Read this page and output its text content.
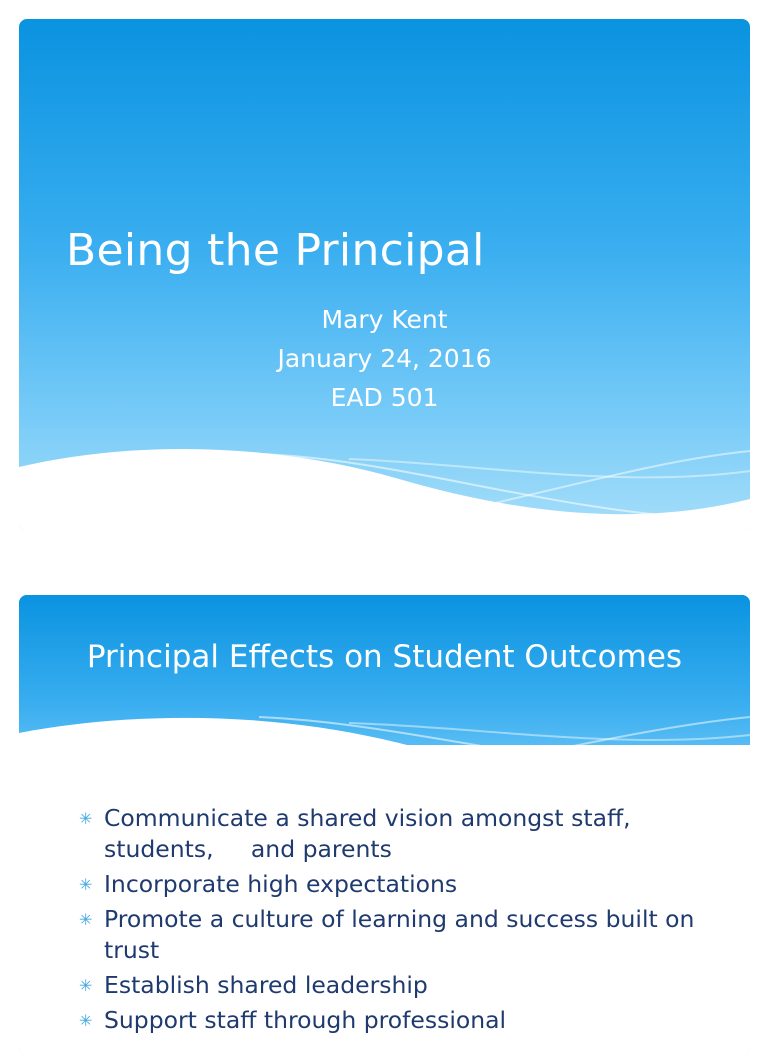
Being the Principal
Mary Kent
January 24, 2016
EAD 501
Principal Effects on Student Outcomes
✳ Communicate a shared vision amongst staff, students,     and parents
✳ Incorporate high expectations
✳ Promote a culture of learning and success built on trust
✳ Establish shared leadership
✳ Support staff through professional
